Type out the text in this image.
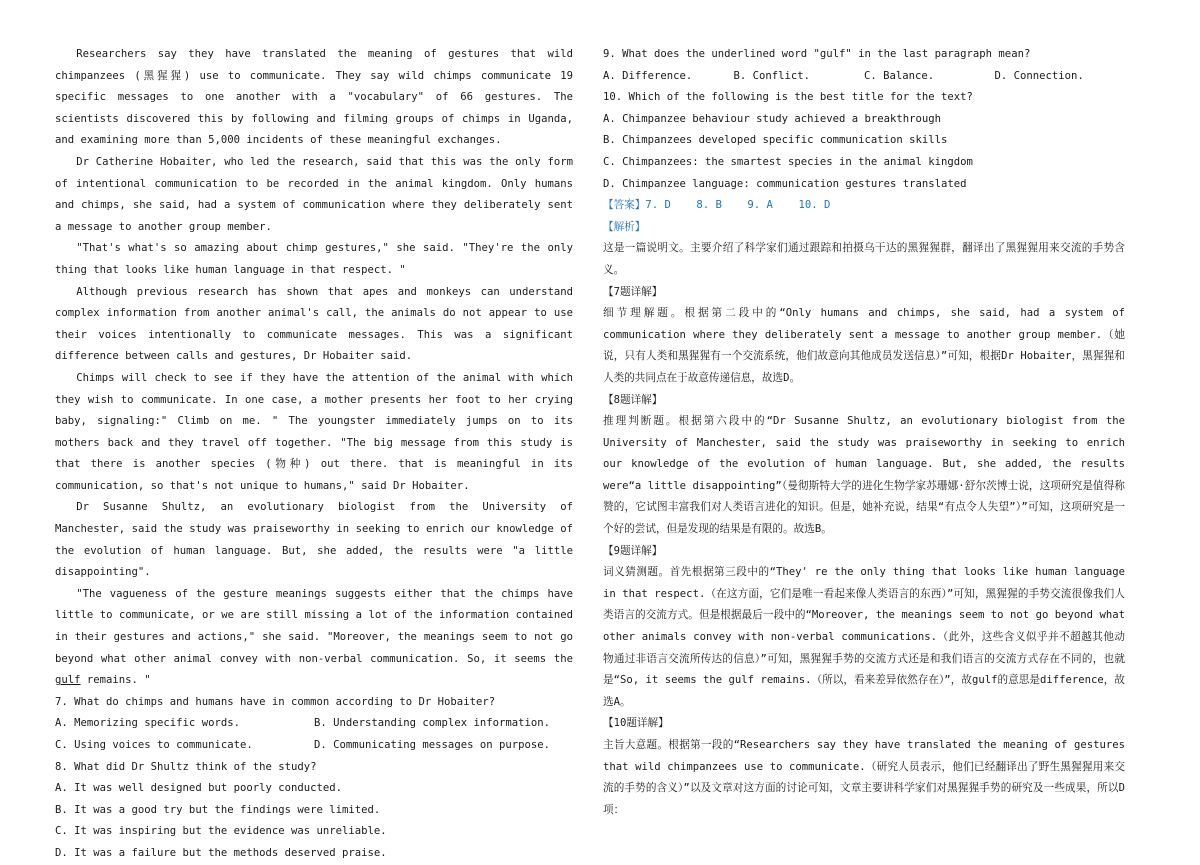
Researchers say they have translated the meaning of gestures that wild chimpanzees (黑猩猩) use to communicate. They say wild chimps communicate 19 specific messages to one another with a "vocabulary" of 66 gestures. The scientists discovered this by following and filming groups of chimps in Uganda, and examining more than 5,000 incidents of these meaningful exchanges.

Dr Catherine Hobaiter, who led the research, said that this was the only form of intentional communication to be recorded in the animal kingdom. Only humans and chimps, she said, had a system of communication where they deliberately sent a message to another group member.

"That's what's so amazing about chimp gestures," she said. "They're the only thing that looks like human language in that respect. "

Although previous research has shown that apes and monkeys can understand complex information from another animal's call, the animals do not appear to use their voices intentionally to communicate messages. This was a significant difference between calls and gestures, Dr Hobaiter said.

Chimps will check to see if they have the attention of the animal with which they wish to communicate. In one case, a mother presents her foot to her crying baby, signaling:" Climb on me. " The youngster immediately jumps on to its mothers back and they travel off together. "The big message from this study is that there is another species (物种) out there. that is meaningful in its communication, so that's not unique to humans," said Dr Hobaiter.

Dr Susanne Shultz, an evolutionary biologist from the University of Manchester, said the study was praiseworthy in seeking to enrich our knowledge of the evolution of human language. But, she added, the results were "a little disappointing".

"The vagueness of the gesture meanings suggests either that the chimps have little to communicate, or we are still missing a lot of the information contained in their gestures and actions," she said. "Moreover, the meanings seem to not go beyond what other animal convey with non-verbal communication. So, it seems the gulf remains. "

7. What do chimps and humans have in common according to Dr Hobaiter?
A. Memorizing specific words.	B. Understanding complex information.
C. Using voices to communicate.	D. Communicating messages on purpose.
8. What did Dr Shultz think of the study?
A. It was well designed but poorly conducted.
B. It was a good try but the findings were limited.
C. It was inspiring but the evidence was unreliable.
D. It was a failure but the methods deserved praise.
9. What does the underlined word "gulf" in the last paragraph mean?
A. Difference.	B. Conflict.	C. Balance.	D. Connection.
10. Which of the following is the best title for the text?
A. Chimpanzee behaviour study achieved a breakthrough
B. Chimpanzees developed specific communication skills
C. Chimpanzees: the smartest species in the animal kingdom
D. Chimpanzee language: communication gestures translated
【答案】7. D    8. B    9. A    10. D
【解析】

这是一篇说明文。主要介绍了科学家们通过跟踪和拍摄乌干达的黑猩猩群，翻译出了黑猩猩用来交流的手势含义。

【7题详解】

细节理解题。根据第二段中的“Only humans and chimps, she said, had a system of communication where they deliberately sent a message to another group member.（她说，只有人类和黑猩猩有一个交流系统，他们故意向其他成员发送信息）”可知，根据Dr Hobaiter，黑猩猩和人类的共同点在于故意传递信息，故选D。

【8题详解】

推理判断题。根据第六段中的“Dr Susanne Shultz, an evolutionary biologist from the University of Manchester, said the study was praiseworthy in seeking to enrich our knowledge of the evolution of human language. But, she added, the results were“a little disappointing”（曼彻斯特大学的进化生物学家苏珊娜·舒尔茨博士说，这项研究是值得称赞的，它试图丰富我们对人类语言进化的知识。但是，她补充说，结果“有点令人失望”）”可知，这项研究是一个好的尝试，但是发现的结果是有限的。故选B。

【9题详解】

词义猜测题。首先根据第三段中的“They' re the only thing that looks like human language in that respect.（在这方面，它们是唯一看起来像人类语言的东西）”可知，黑猩猩的手势交流很像我们人类语言的交流方式。但是根据最后一段中的“Moreover, the meanings seem to not go beyond what other animals convey with non-verbal communications.（此外，这些含义似乎并不超越其他动物通过非语言交流所传达的信息）”可知，黑猩猩手势的交流方式还是和我们语言的交流方式存在不同的，也就是“So, it seems the gulf remains.（所以，看来差异依然存在）”，故gulf的意思是difference，故选A。

【10题详解】

主旨大意题。根据第一段的“Researchers say they have translated the meaning of gestures that wild chimpanzees use to communicate.（研究人员表示，他们已经翻译出了野生黑猩猩用来交流的手势的含义）”以及文章对这方面的讨论可知，文章主要讲科学家们对黑猩猩手势的研究及一些成果，所以D项：
